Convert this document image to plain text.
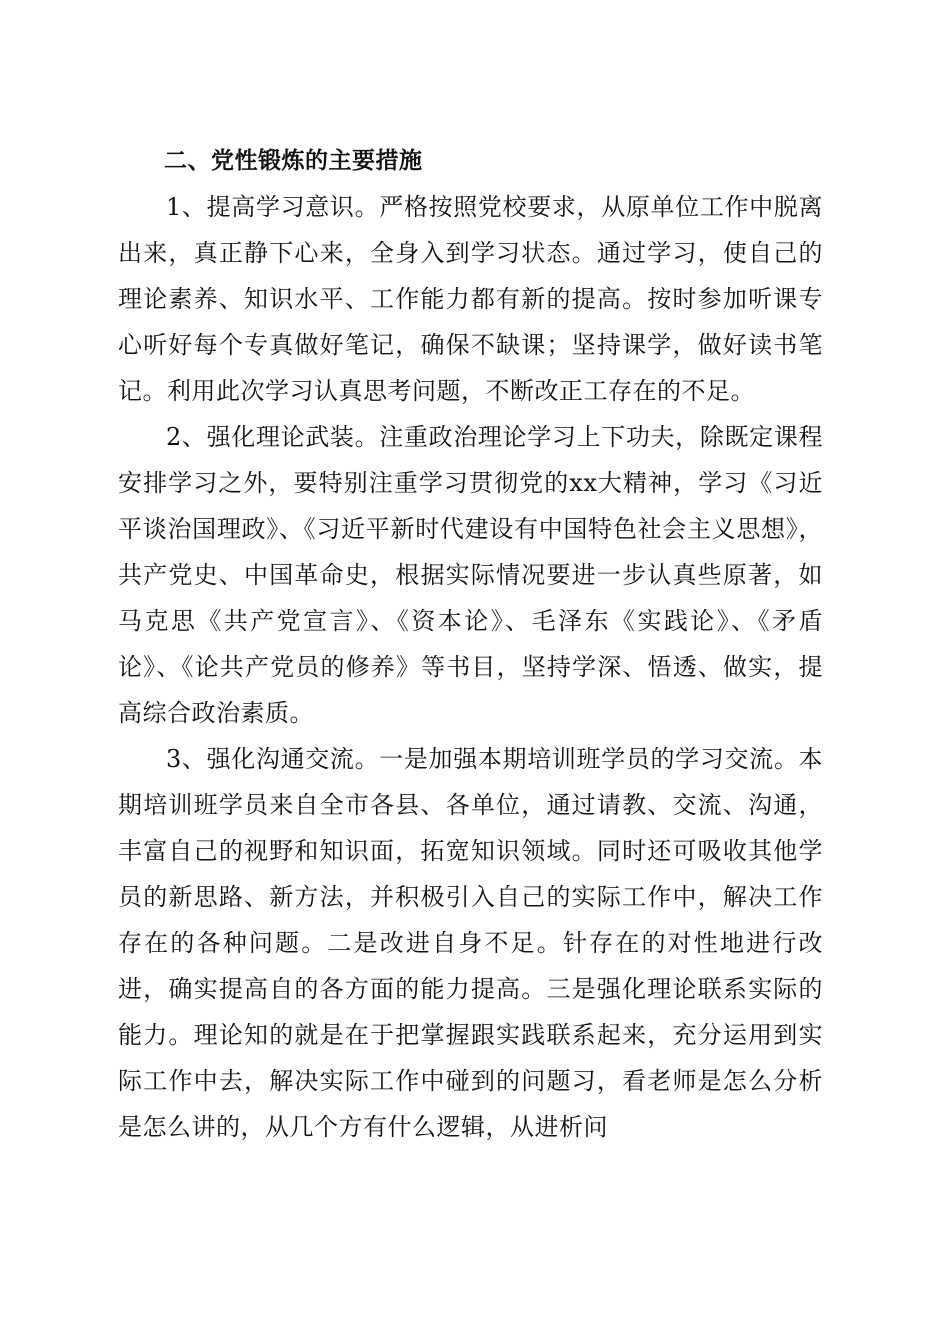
二、党性锻炼的主要措施

1、提高学习意识。严格按照党校要求，从原单位工作中脱离出来，真正静下心来，全身入到学习状态。通过学习，使自己的理论素养、知识水平、工作能力都有新的提高。按时参加听课专心听好每个专真做好笔记，确保不缺课；坚持课学，做好读书笔记。利用此次学习认真思考问题，不断改正工存在的不足。

2、强化理论武装。注重政治理论学习上下功夫，除既定课程安排学习之外，要特别注重学习贯彻党的xx大精神，学习《习近平谈治国理政》、《习近平新时代建设有中国特色社会主义思想》，共产党史、中国革命史，根据实际情况要进一步认真些原著，如马克思《共产党宣言》、《资本论》、毛泽东《实践论》、《矛盾论》、《论共产党员的修养》等书目，坚持学深、悟透、做实，提高综合政治素质。

3、强化沟通交流。一是加强本期培训班学员的学习交流。本期培训班学员来自全市各县、各单位，通过请教、交流、沟通，丰富自己的视野和知识面，拓宽知识领域。同时还可吸收其他学员的新思路、新方法，并积极引入自己的实际工作中，解决工作存在的各种问题。二是改进自身不足。针存在的对性地进行改进，确实提高自的各方面的能力提高。三是强化理论联系实际的能力。理论知的就是在于把掌握跟实践联系起来，充分运用到实际工作中去，解决实际工作中碰到的问题习，看老师是怎么分析是怎么讲的，从几个方有什么逻辑，从进析问
